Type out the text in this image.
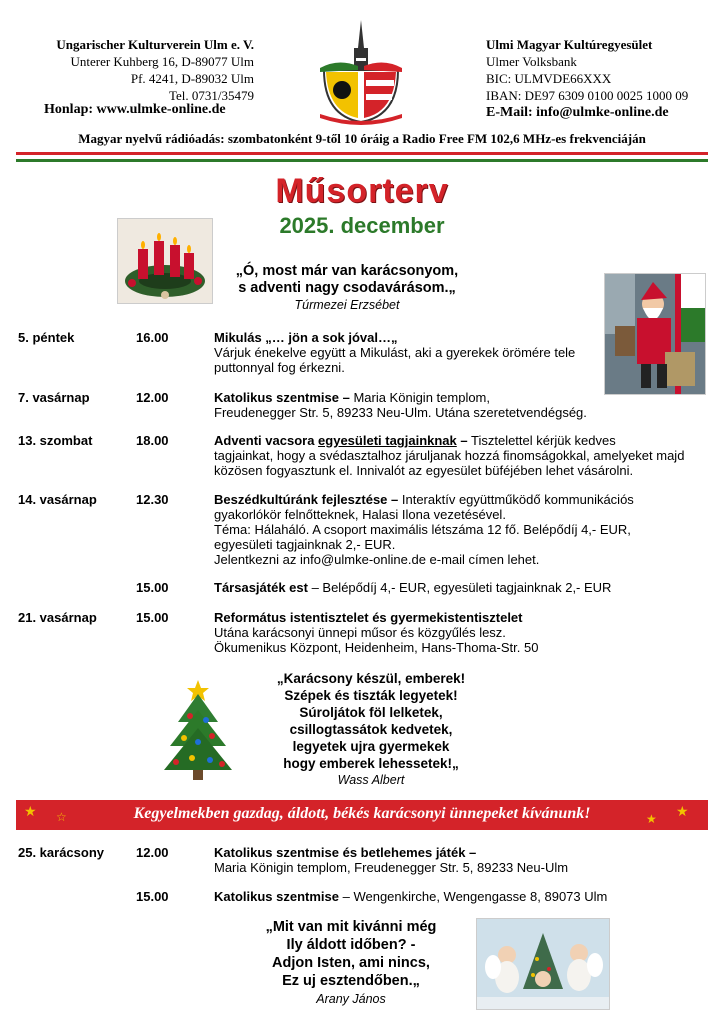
Ungarischer Kulturverein Ulm e. V.
Unterer Kuhberg 16, D-89077 Ulm
Pf. 4241, D-89032 Ulm
Tel. 0731/35479
Honlap: www.ulmke-online.de
Ulmi Magyar Kultúregyesület
Ulmer Volksbank
BIC: ULMVDE66XXX
IBAN: DE97 6309 0100 0025 1000 09
E-Mail: info@ulmke-online.de
Magyar nyelvű rádióadás: szombatonként 9-től 10 óráig a Radio Free FM 102,6 MHz-es frekvenciáján
Műsorterv
2025. december
„Ó, most már van karácsonyom,
s adventi nagy csodavárásom.„
Túrmezei Erzsébet
5. péntek	16.00	Mikulás „… jön a sok jóval…„
Várjuk énekelve együtt a Mikulást, aki a gyerekek örömére tele
puttonnyal fog érkezni.
7. vasárnap	12.00	Katolikus szentmise – Maria Königin templom,
Freudenegger Str. 5, 89233 Neu-Ulm. Utána szeretetvendégség.
13. szombat	18.00	Adventi vacsora egyesületi tagjainknak – Tisztelettel kérjük kedves
tagjainkat, hogy a svédasztalhoz járuljanak hozzá finomságokkal, amelyeket majd
közösen fogyasztunk el. Innivalót az egyesület büféjében lehet vásárolni.
14. vasárnap	12.30	Beszédkultúránk fejlesztése – Interaktív együttműködő kommunikációs
gyakorlókör felnőtteknek, Halasi Ilona vezetésével.
Téma: Hálaháló. A csoport maximális létszáma 12 fő. Belépődíj 4,- EUR,
egyesületi tagjainknak 2,- EUR.
Jelentkezni az info@ulmke-online.de e-mail címen lehet.
15.00	Társasjáték est – Belépődíj 4,- EUR, egyesületi tagjainknak 2,- EUR
21. vasárnap	15.00	Református istentisztelet és gyermekistentisztelet
Utána karácsonyi ünnepi műsor és közgyűlés lesz.
Ökumenikus Központ, Heidenheim, Hans-Thoma-Str. 50
„Karácsony készül, emberek!
Szépek és tiszták legyetek!
Súroljátok föl lelketek,
csillogtassátok kedvetek,
legyetek ujra gyermekek
hogy emberek lehessetek!„
Wass Albert
★ ☆	★ ★
Kegyelmekben gazdag, áldott, békés karácsonyi ünnepeket kívánunk!
25. karácsony 12.00	Katolikus szentmise és betlehemes játék –
Maria Königin templom, Freudenegger Str. 5, 89233 Neu-Ulm
15.00	Katolikus szentmise – Wengenkirche, Wengengasse 8, 89073 Ulm
„Mit van mit kivánni még
Ily áldott időben? -
Adjon Isten, ami nincs,
Ez uj esztendőben.„
Arany János
